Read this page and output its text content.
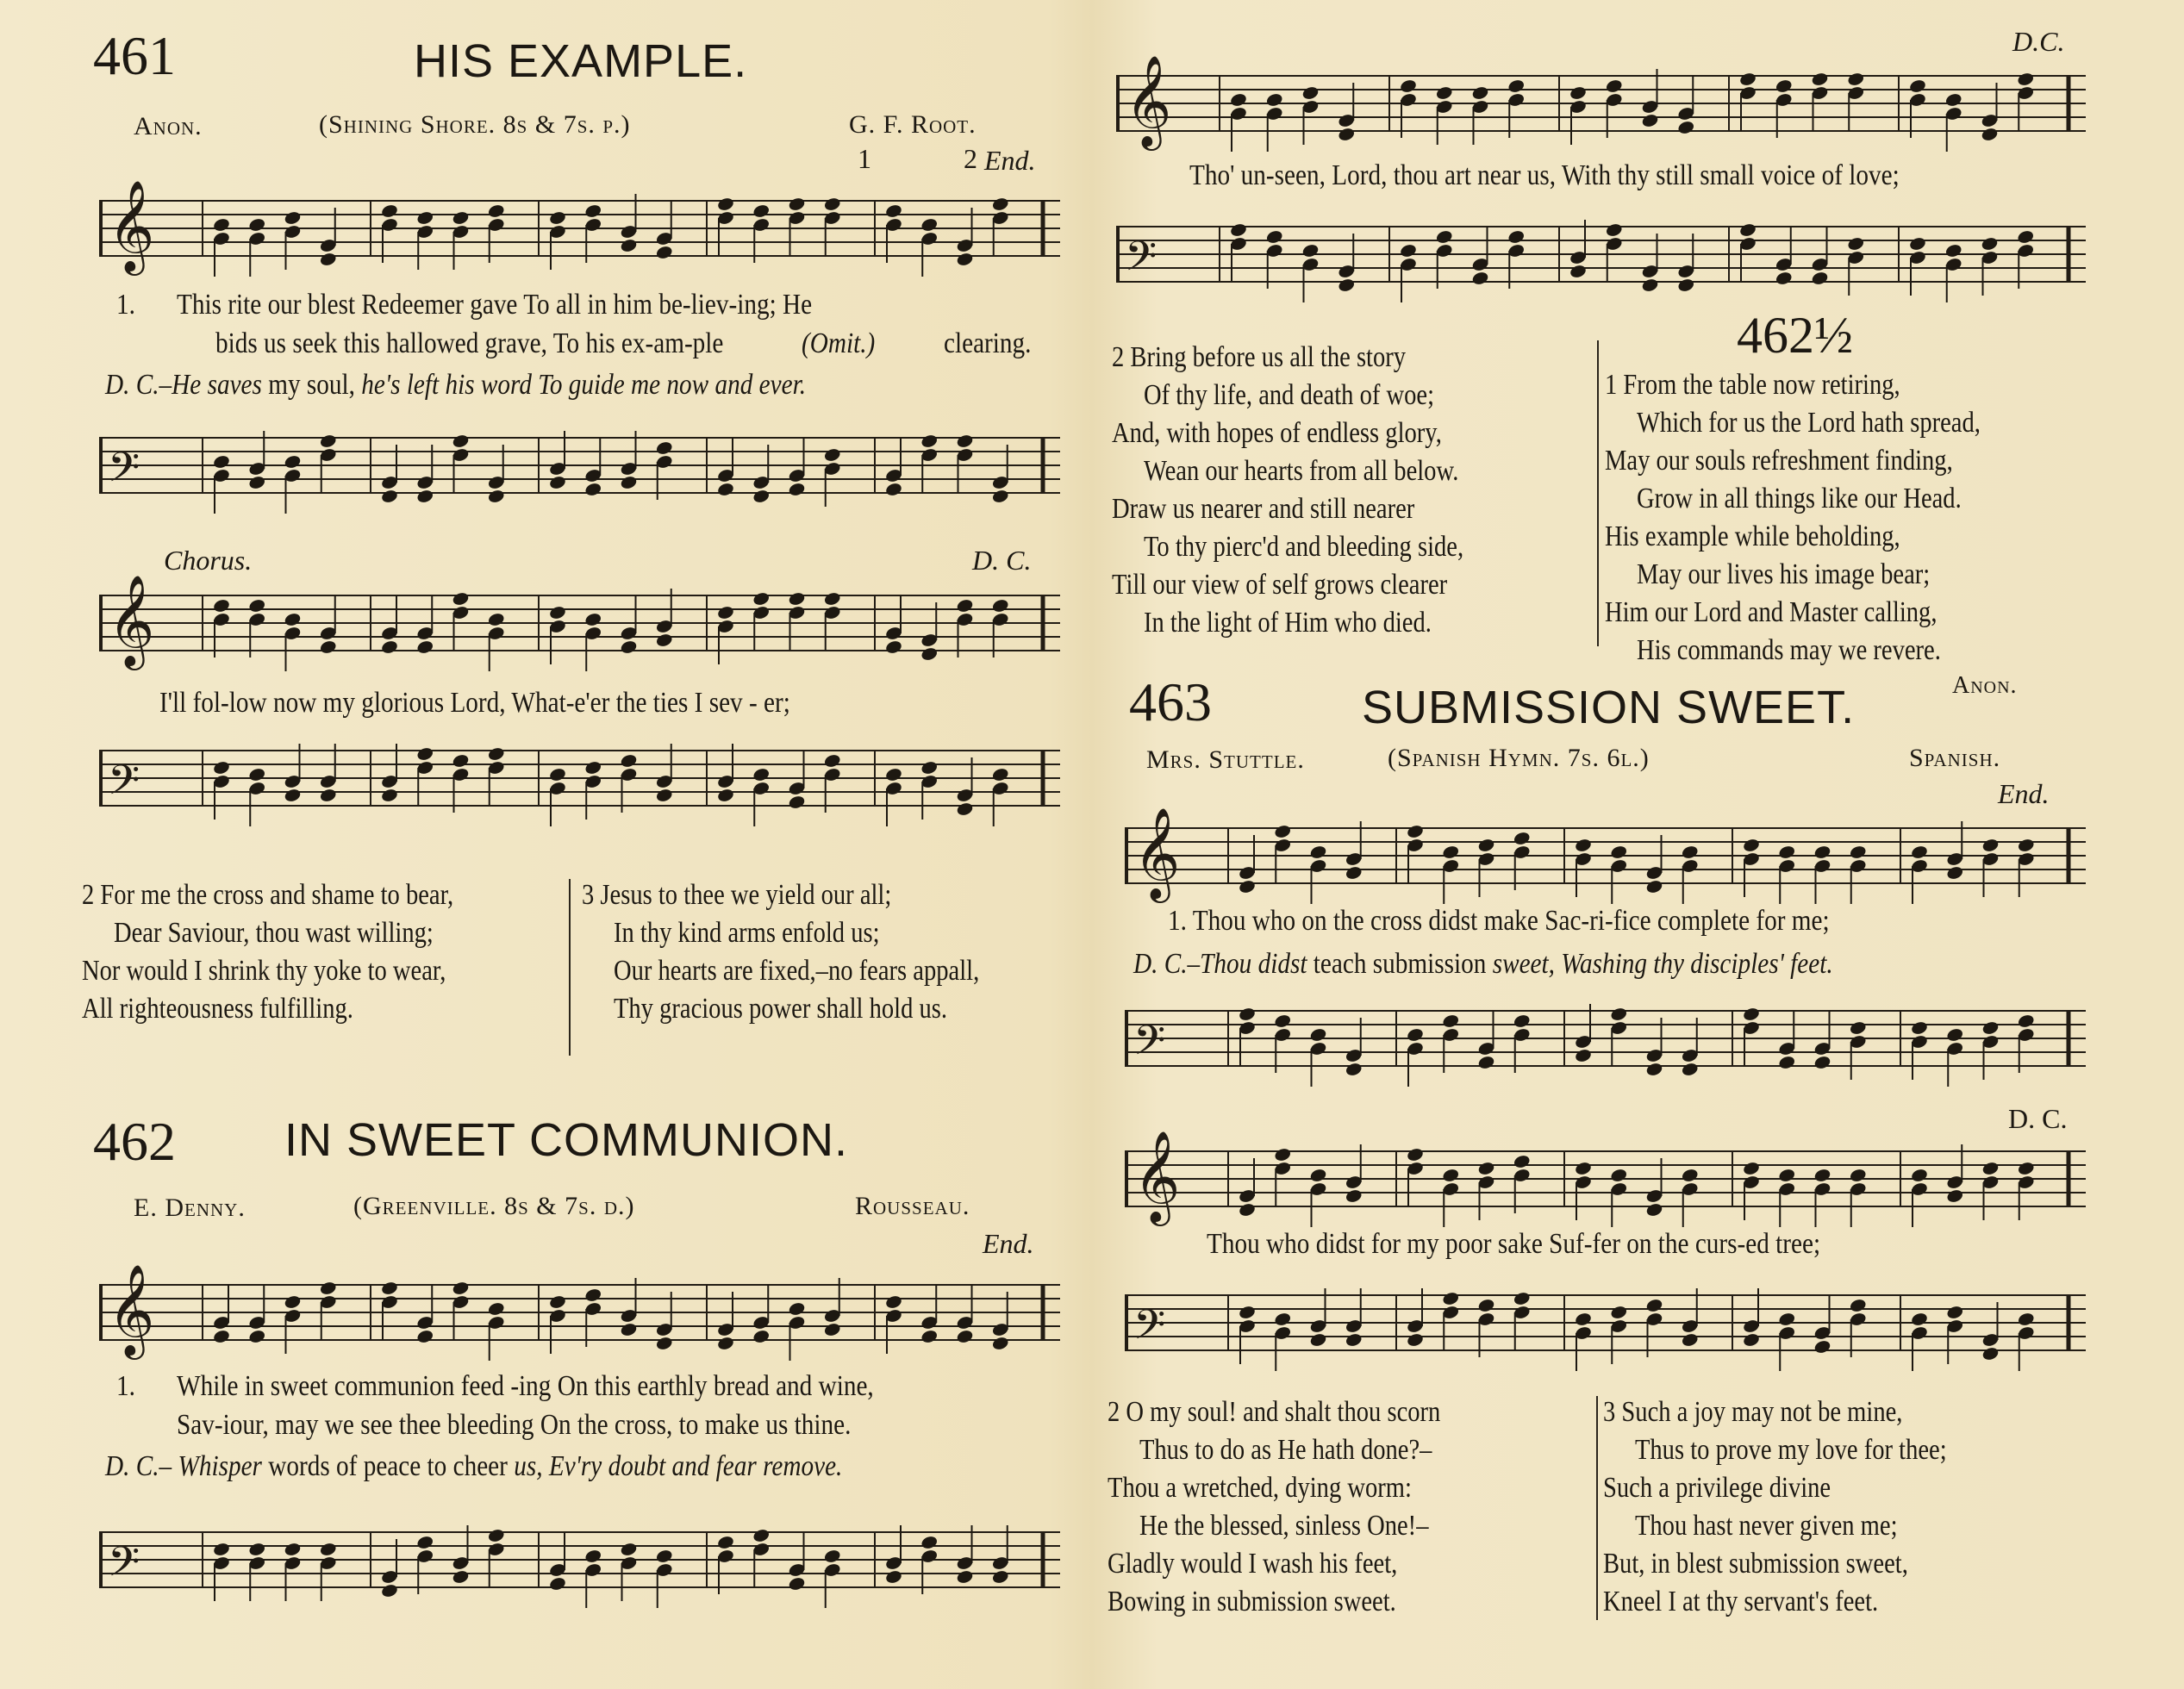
461	HIS EXAMPLE.
Anon.	(Shining Shore. 8s & 7s. p.)	G. F. Root.
1	2 End.
𝄞
1. This rite our blest Redeemer gave To all in him be-liev-ing; He
bids us seek this hallowed grave, To his ex-am-ple	(Omit.) clearing.
D. C.–He saves my soul, he's left his word To guide me now and ever.
𝄢
Chorus.	D. C.
𝄞
I'll fol-low now my glorious Lord, What-e'er the ties I sev - er;
𝄢
2 For me the cross and shame to bear,
Dear Saviour, thou wast willing;
Nor would I shrink thy yoke to wear,
All righteousness fulfilling.
3 Jesus to thee we yield our all;
In thy kind arms enfold us;
Our hearts are fixed,–no fears appall,
Thy gracious power shall hold us.
462 IN SWEET COMMUNION.
E. Denny.	(Greenville. 8s & 7s. d.)	Rousseau.
End.
𝄞
1. While in sweet communion feed -ing On this earthly bread and wine,
Sav-iour, may we see thee bleeding On the cross, to make us thine.
D. C.– Whisper words of peace to cheer us, Ev'ry doubt and fear remove.
𝄢
D.C.
𝄞
Tho' un-seen, Lord, thou art near us, With thy still small voice of love;
𝄢
2 Bring before us all the story
Of thy life, and death of woe;
And, with hopes of endless glory,
Wean our hearts from all below.
Draw us nearer and still nearer
To thy pierc'd and bleeding side,
Till our view of self grows clearer
In the light of Him who died.
462½
1 From the table now retiring,
Which for us the Lord hath spread,
May our souls refreshment finding,
Grow in all things like our Head.
His example while beholding,
May our lives his image bear;
Him our Lord and Master calling,
His commands may we revere.
Anon.
463	SUBMISSION SWEET.
Mrs. Stuttle.	(Spanish Hymn. 7s. 6l.)	Spanish.
End.
𝄞
1. Thou who on the cross didst make Sac-ri-fice complete for me;
D. C.–Thou didst teach submission sweet, Washing thy disciples' feet.
𝄢
D. C.
𝄞
Thou who didst for my poor sake Suf-fer on the curs-ed tree;
𝄢
2 O my soul! and shalt thou scorn
Thus to do as He hath done?–
Thou a wretched, dying worm:
He the blessed, sinless One!–
Gladly would I wash his feet,
Bowing in submission sweet.
3 Such a joy may not be mine,
Thus to prove my love for thee;
Such a privilege divine
Thou hast never given me;
But, in blest submission sweet,
Kneel I at thy servant's feet.
